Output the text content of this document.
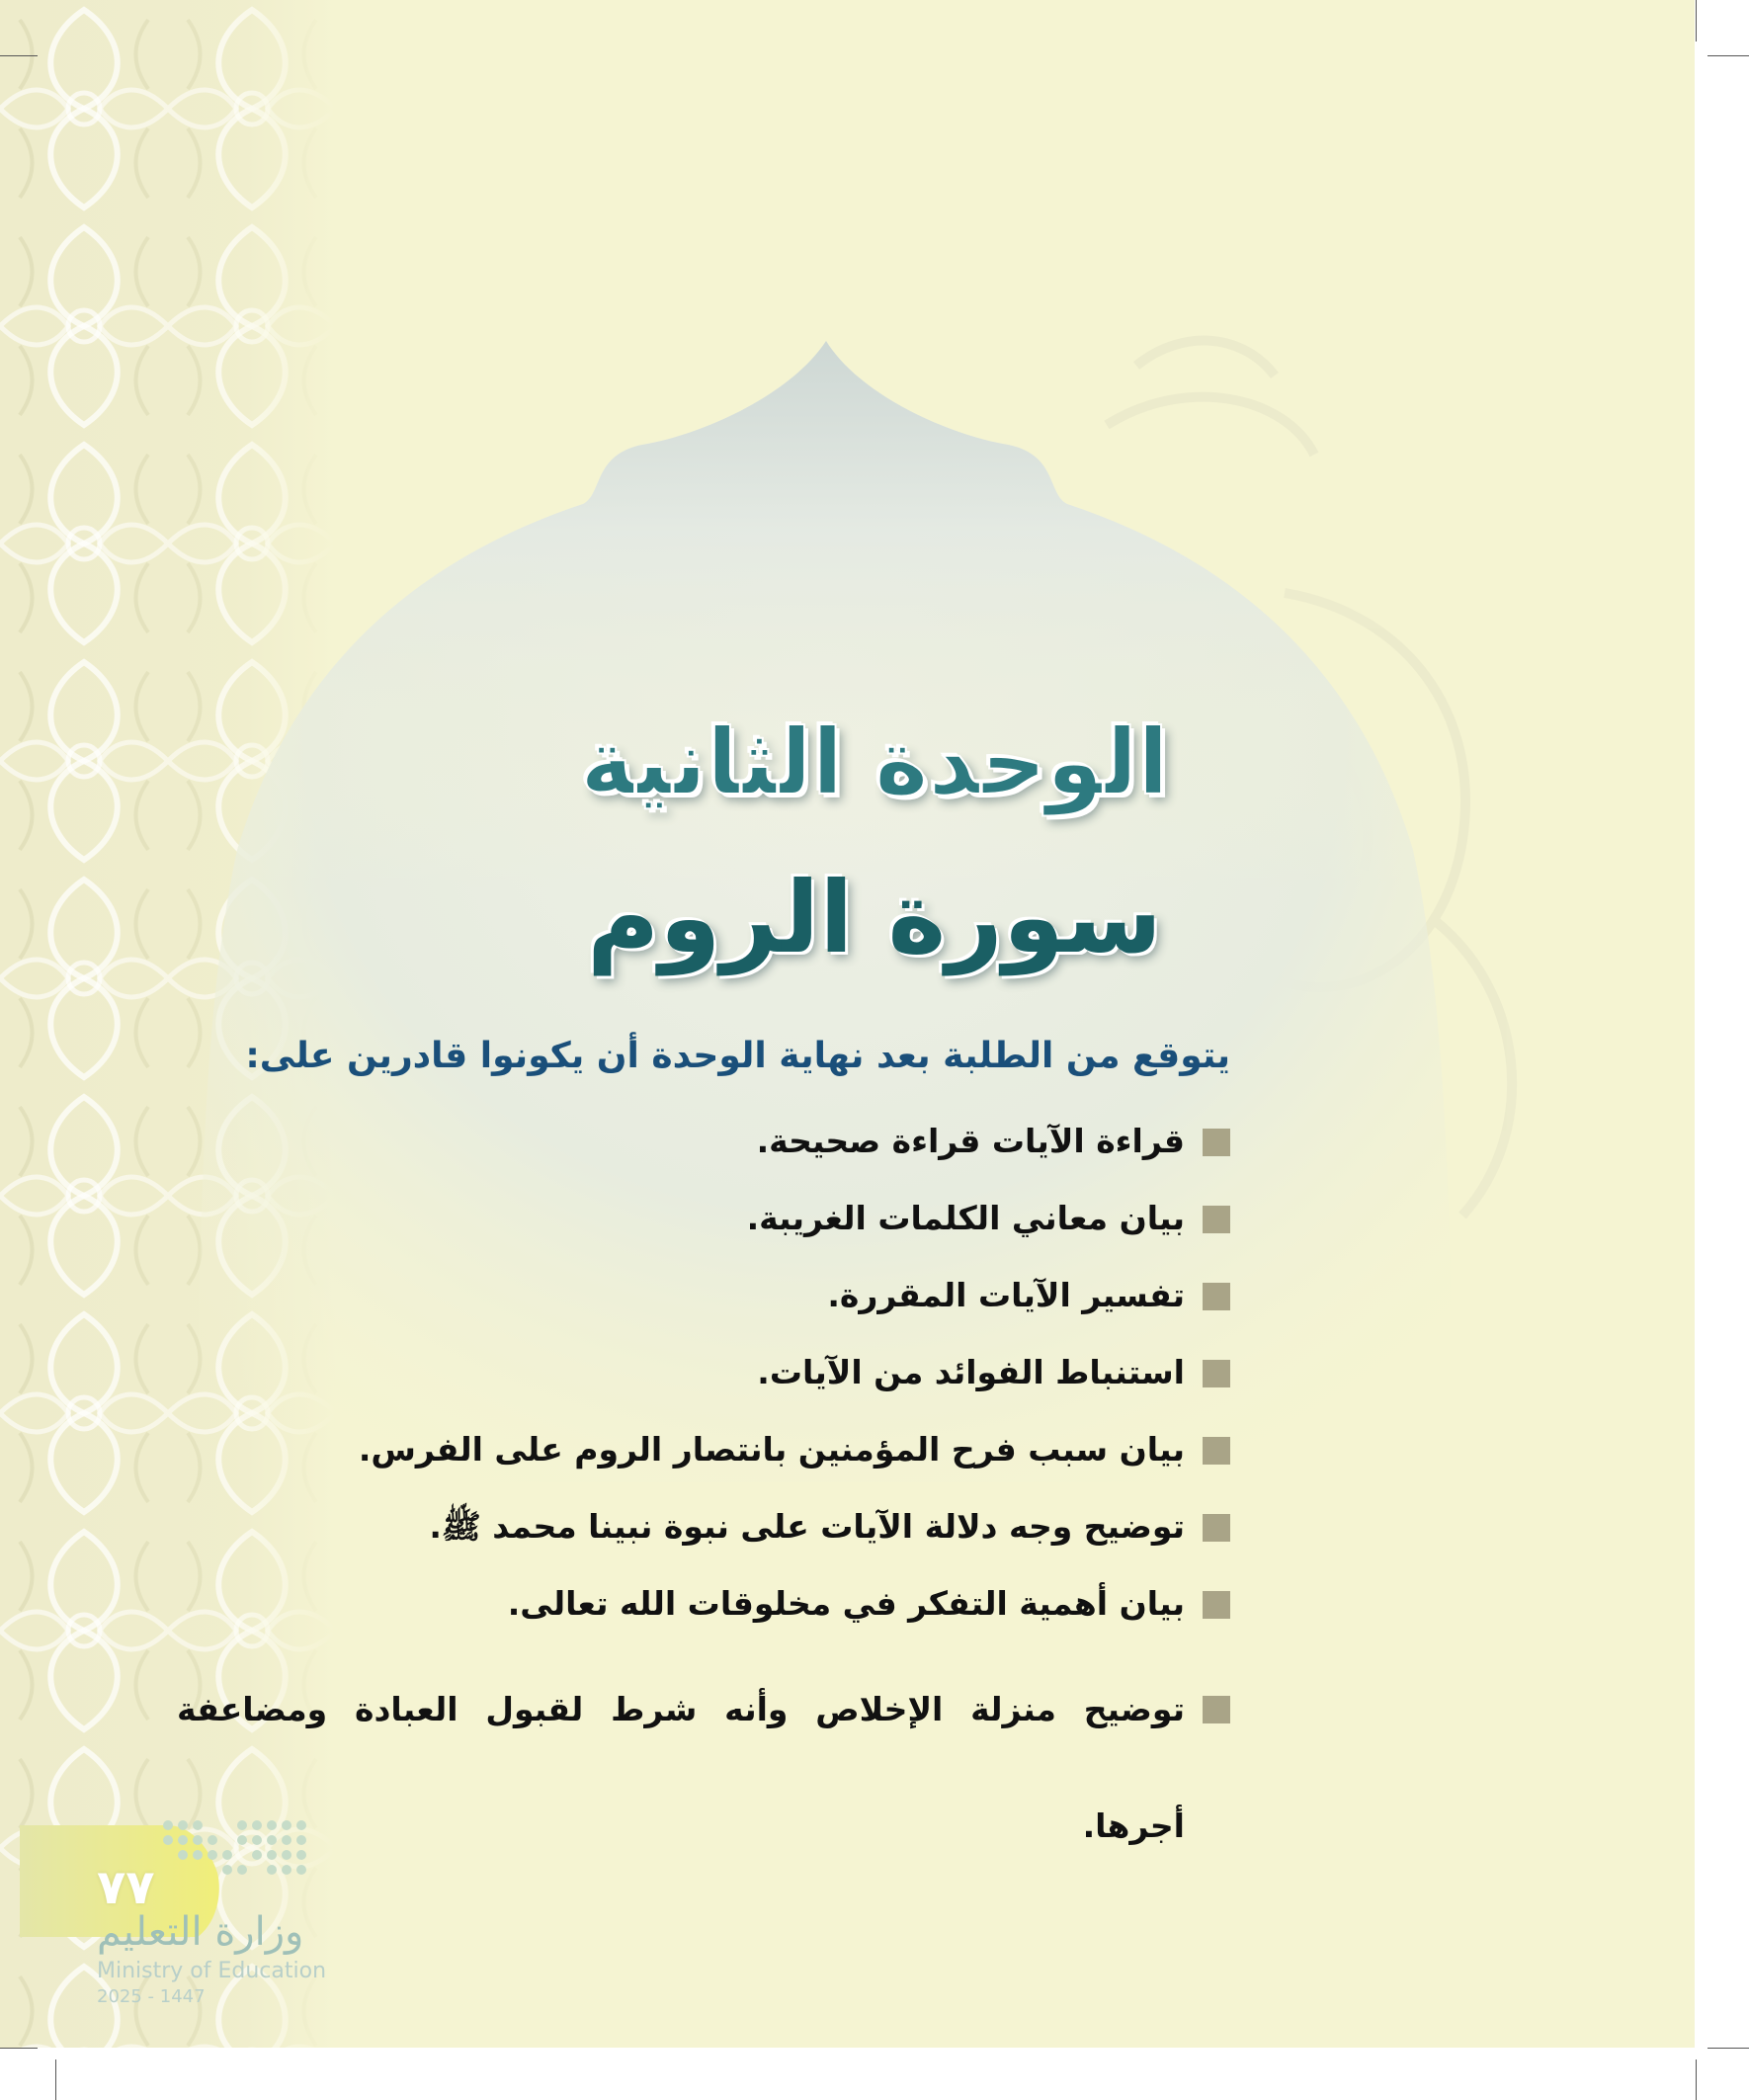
الوحدة الثانية
سورة الروم
يتوقع من الطلبة بعد نهاية الوحدة أن يكونوا قادرين على:
قراءة الآيات قراءة صحيحة.
بيان معاني الكلمات الغريبة.
تفسير الآيات المقررة.
استنباط الفوائد من الآيات.
بيان سبب فرح المؤمنين بانتصار الروم على الفرس.
توضيح وجه دلالة الآيات على نبوة نبينا محمد ﷺ.
بيان أهمية التفكر في مخلوقات الله تعالى.
توضيح منزلة الإخلاص وأنه شرط لقبول العبادة ومضاعفة أجرها.
٧٧
وزارة التعليم
Ministry of Education
2025 - 1447
